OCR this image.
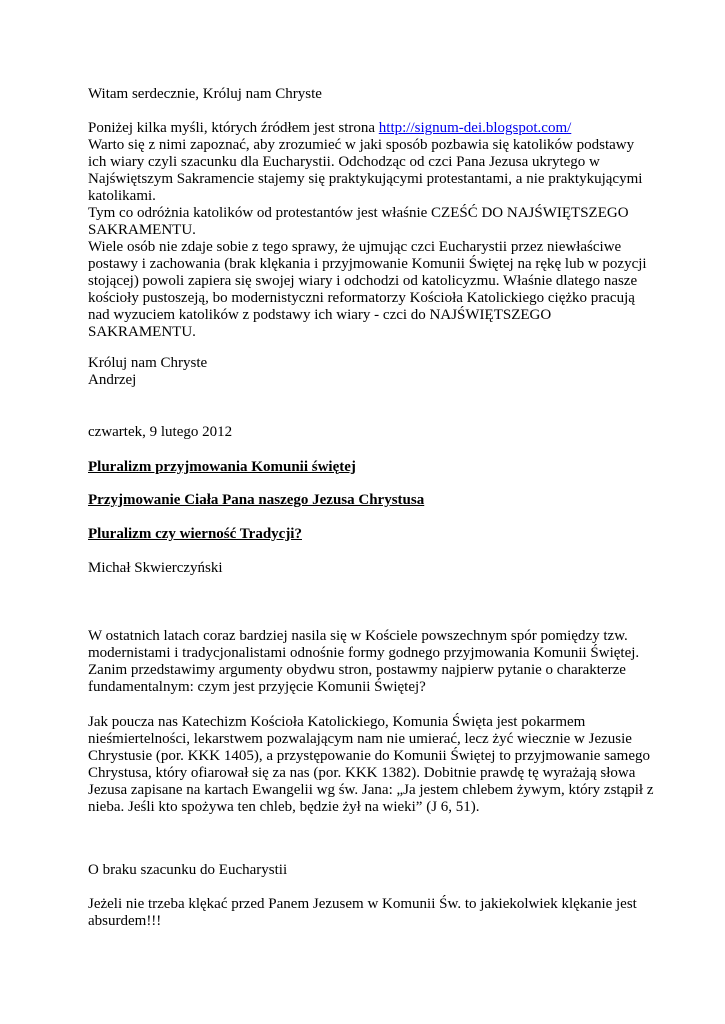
Witam serdecznie, Króluj nam Chryste

Poniżej kilka myśli, których źródłem jest strona http://signum-dei.blogspot.com/
Warto się z nimi zapoznać, aby zrozumieć w jaki sposób pozbawia się katolików podstawy
ich wiary czyli szacunku dla Eucharystii. Odchodząc od czci Pana Jezusa ukrytego w
Najświętszym Sakramencie stajemy się praktykującymi protestantami, a nie praktykującymi
katolikami.
Tym co odróżnia katolików od protestantów jest właśnie CZEŚĆ DO NAJŚWIĘTSZEGO
SAKRAMENTU.
Wiele osób nie zdaje sobie z tego sprawy, że ujmując czci Eucharystii przez niewłaściwe
postawy i zachowania (brak klękania i przyjmowanie Komunii Świętej na rękę lub w pozycji
stojącej) powoli zapiera się swojej wiary i odchodzi od katolicyzmu. Właśnie dlatego nasze
kościoły pustoszeją, bo modernistyczni reformatorzy Kościoła Katolickiego ciężko pracują
nad wyzuciem katolików z podstawy ich wiary - czci do NAJŚWIĘTSZEGO
SAKRAMENTU.
Króluj nam Chryste
Andrzej

czwartek, 9 lutego 2012

Pluralizm przyjmowania Komunii świętej

Przyjmowanie Ciała Pana naszego Jezusa Chrystusa

Pluralizm czy wierność Tradycji?

Michał Skwierczyński

W ostatnich latach coraz bardziej nasila się w Kościele powszechnym spór pomiędzy tzw.
modernistami i tradycjonalistami odnośnie formy godnego przyjmowania Komunii Świętej.
Zanim przedstawimy argumenty obydwu stron, postawmy najpierw pytanie o charakterze
fundamentalnym: czym jest przyjęcie Komunii Świętej?
Jak poucza nas Katechizm Kościoła Katolickiego, Komunia Święta jest pokarmem
nieśmiertelności, lekarstwem pozwalającym nam nie umierać, lecz żyć wiecznie w Jezusie
Chrystusie (por. KKK 1405), a przystępowanie do Komunii Świętej to przyjmowanie samego
Chrystusa, który ofiarował się za nas (por. KKK 1382). Dobitnie prawdę tę wyrażają słowa
Jezusa zapisane na kartach Ewangelii wg św. Jana: „Ja jestem chlebem żywym, który zstąpił z
nieba. Jeśli kto spożywa ten chleb, będzie żył na wieki” (J 6, 51).

O braku szacunku do Eucharystii

Jeżeli nie trzeba klękać przed Panem Jezusem w Komunii Św. to jakiekolwiek klękanie jest
absurdem!!!
